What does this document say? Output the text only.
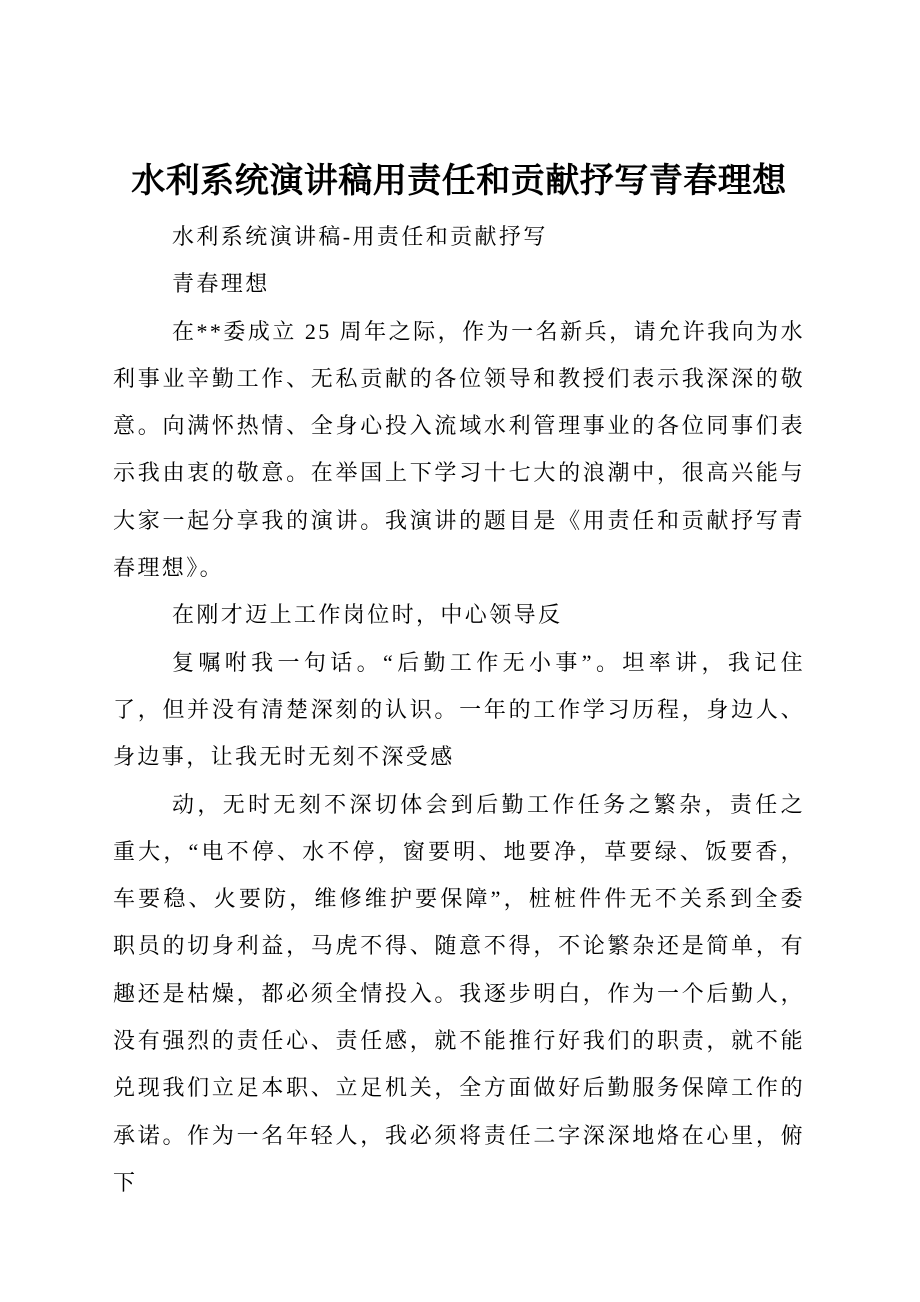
水利系统演讲稿用责任和贡献抒写青春理想

水利系统演讲稿-用责任和贡献抒写

青春理想

在**委成立 25 周年之际，作为一名新兵，请允许我向为水利事业辛勤工作、无私贡献的各位领导和教授们表示我深深的敬意。向满怀热情、全身心投入流域水利管理事业的各位同事们表示我由衷的敬意。在举国上下学习十七大的浪潮中，很高兴能与大家一起分享我的演讲。我演讲的题目是《用责任和贡献抒写青春理想》。

在刚才迈上工作岗位时，中心领导反

复嘱咐我一句话。“后勤工作无小事”。坦率讲，我记住了，但并没有清楚深刻的认识。一年的工作学习历程，身边人、身边事，让我无时无刻不深受感

动，无时无刻不深切体会到后勤工作任务之繁杂，责任之重大，“电不停、水不停，窗要明、地要净，草要绿、饭要香，车要稳、火要防，维修维护要保障”，桩桩件件无不关系到全委职员的切身利益，马虎不得、随意不得，不论繁杂还是简单，有趣还是枯燥，都必须全情投入。我逐步明白，作为一个后勤人，没有强烈的责任心、责任感，就不能推行好我们的职责，就不能兑现我们立足本职、立足机关，全方面做好后勤服务保障工作的承诺。作为一名年轻人，我必须将责任二字深深地烙在心里，俯下
